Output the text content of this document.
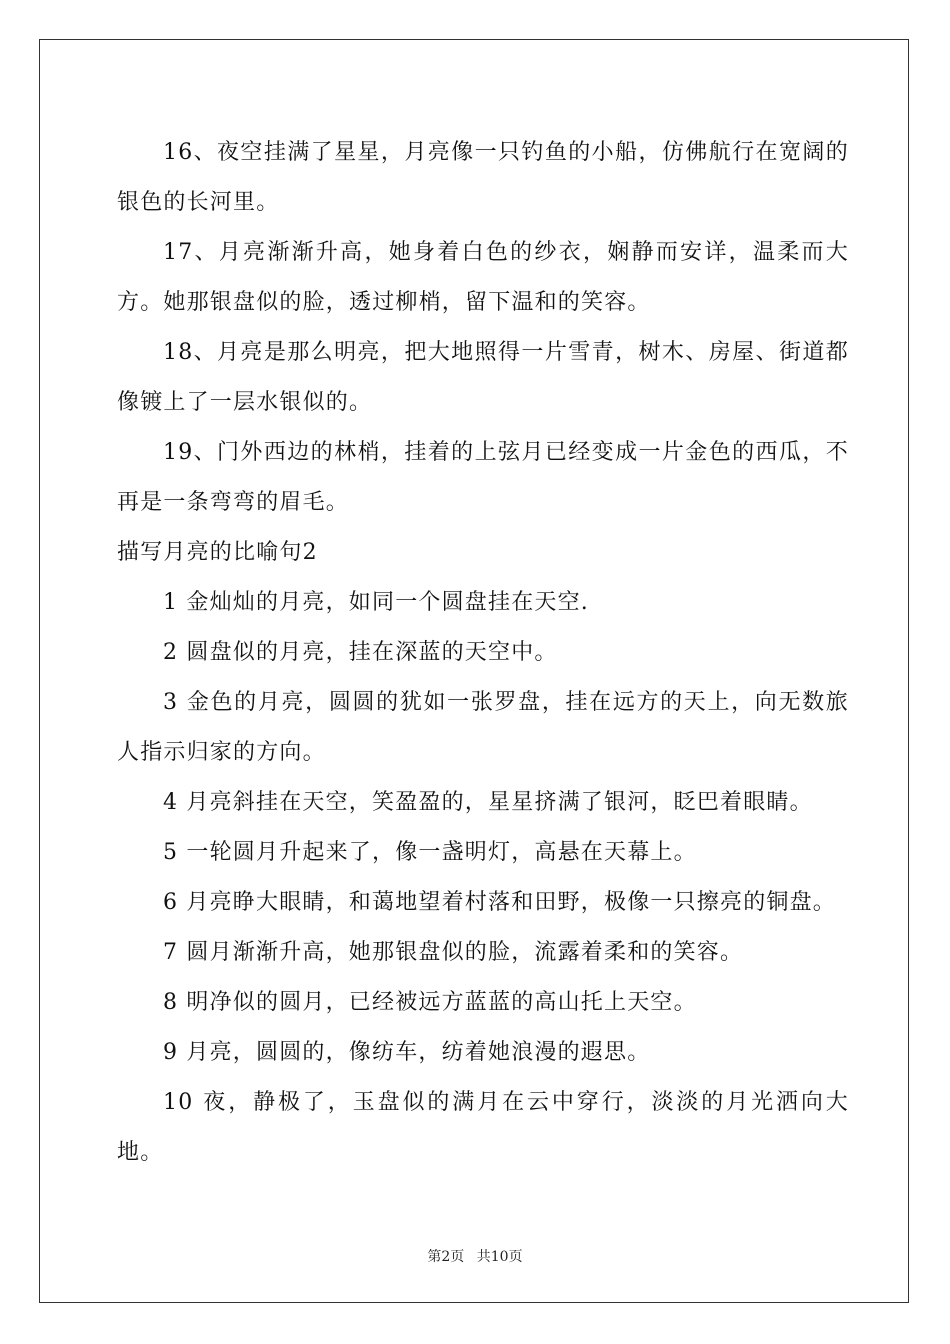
16、夜空挂满了星星，月亮像一只钓鱼的小船，仿佛航行在宽阔的银色的长河里。

17、月亮渐渐升高，她身着白色的纱衣，娴静而安详，温柔而大方。她那银盘似的脸，透过柳梢，留下温和的笑容。

18、月亮是那么明亮，把大地照得一片雪青，树木、房屋、街道都像镀上了一层水银似的。

19、门外西边的林梢，挂着的上弦月已经变成一片金色的西瓜，不再是一条弯弯的眉毛。

描写月亮的比喻句2

1 金灿灿的月亮，如同一个圆盘挂在天空.

2 圆盘似的月亮，挂在深蓝的天空中。

3 金色的月亮，圆圆的犹如一张罗盘，挂在远方的天上，向无数旅人指示归家的方向。

4 月亮斜挂在天空，笑盈盈的，星星挤满了银河，眨巴着眼睛。

5 一轮圆月升起来了，像一盏明灯，高悬在天幕上。

6 月亮睁大眼睛，和蔼地望着村落和田野，极像一只擦亮的铜盘。

7 圆月渐渐升高，她那银盘似的脸，流露着柔和的笑容。

8 明净似的圆月，已经被远方蓝蓝的高山托上天空。

9 月亮，圆圆的，像纺车，纺着她浪漫的遐思。

10 夜，静极了，玉盘似的满月在云中穿行，淡淡的月光洒向大地。

第2页 共10页
